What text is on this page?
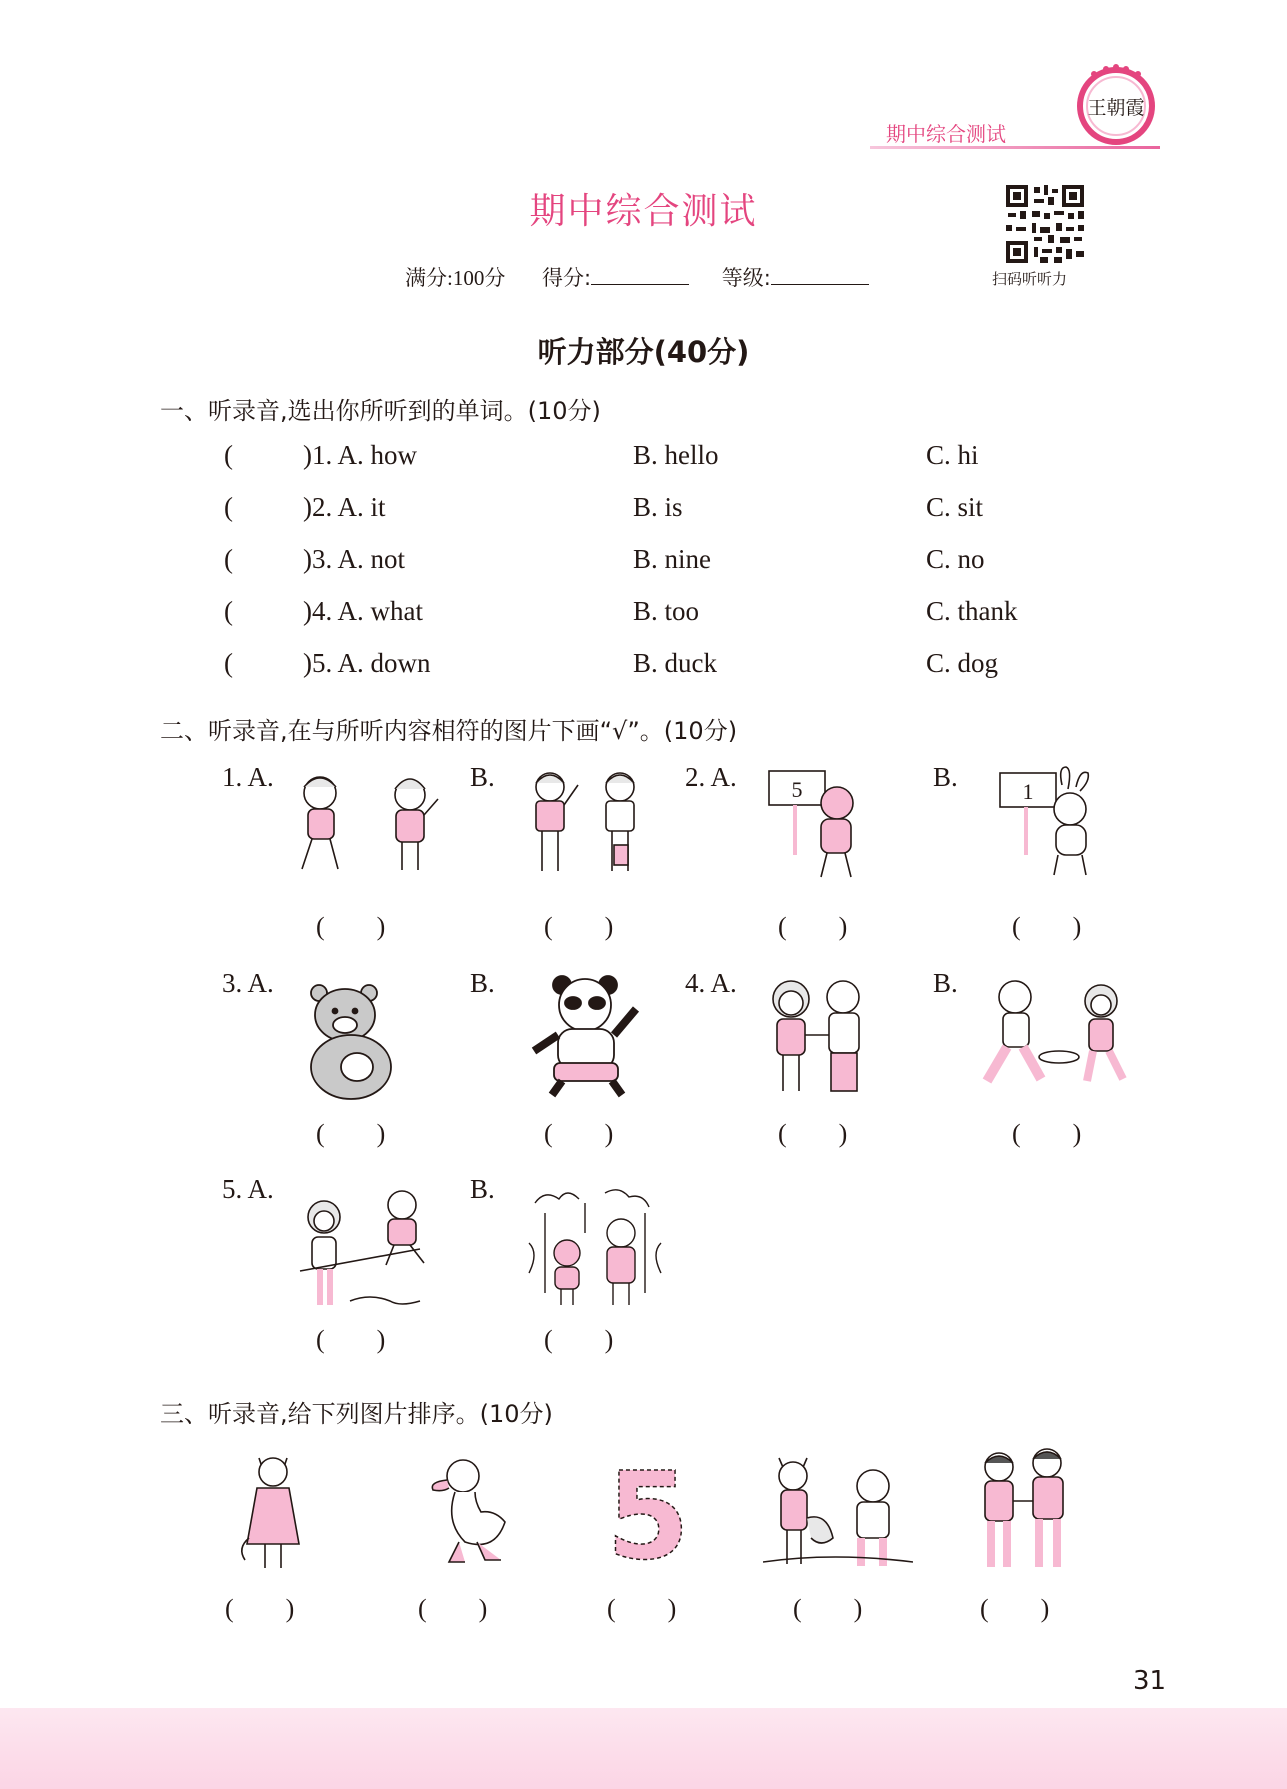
期中综合测试
王朝霞
扫码听听力
期中综合测试
满分:100分 得分:	等级:
听力部分(40分)
一、听录音,选出你所听到的单词。(10分)
(	)1. A. how	B. hello	C. hi
(	)2. A. it	B. is	C. sit
(	)3. A. not	B. nine	C. no
(	)4. A. what	B. too	C. thank
(	)5. A. down	B. duck	C. dog
二、听录音,在与所听内容相符的图片下画“√”。(10分)
1. A.	B.	2. A.	B.
5	1
(        )	(        )	(        )	(        )
3. A.	B.	4. A.	B.
(        )	(        )	(        )	(        )
5. A.	B.
(        )	(        )
三、听录音,给下列图片排序。(10分)
5
(        )	(        )	(        )	(        )	(        )
31
